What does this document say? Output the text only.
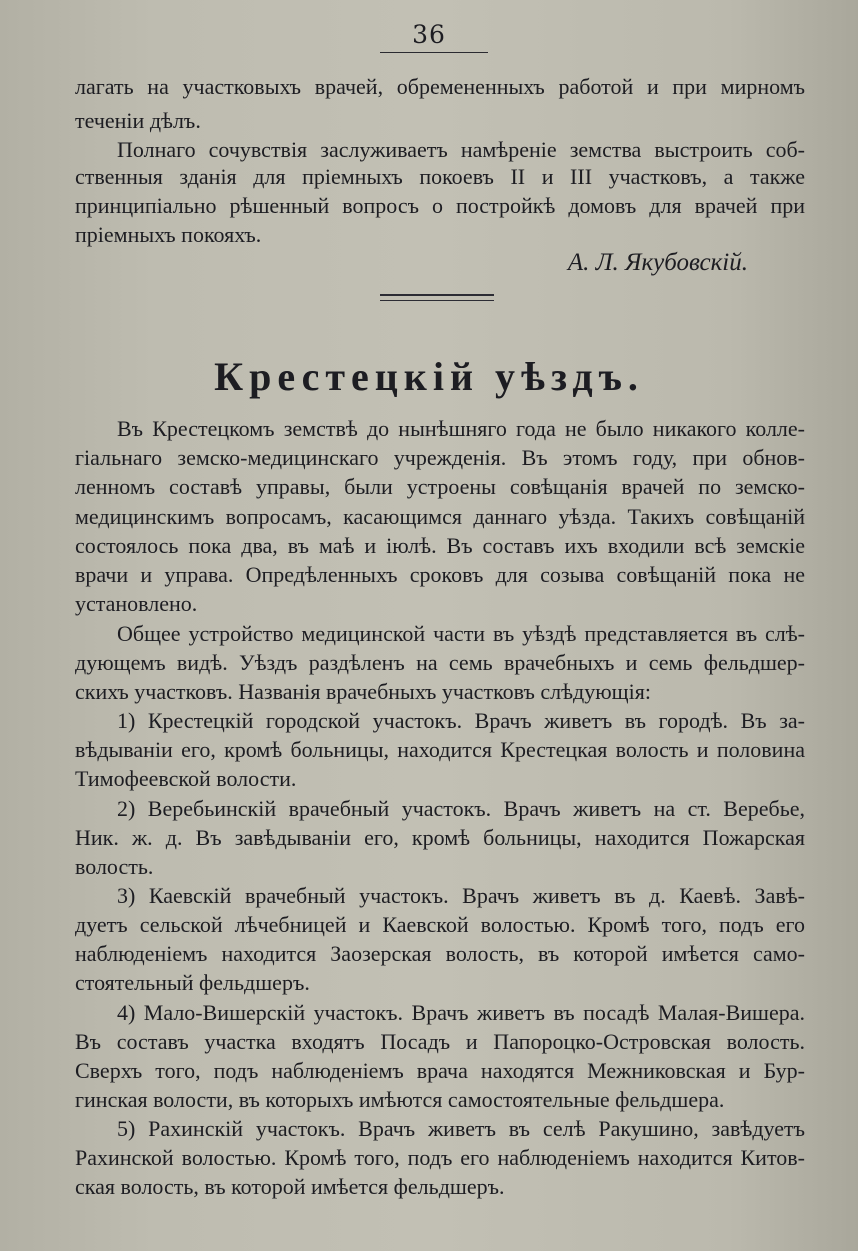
36
лагать на участковыхъ врачей, обремененныхъ работой и при мирномъ
теченіи дѣлъ.
Полнаго сочувствія заслуживаетъ намѣреніе земства выстроить соб-
ственныя зданія для пріемныхъ покоевъ II и III участковъ, а также
принципіально рѣшенный вопросъ о постройкѣ домовъ для врачей при
пріемныхъ покояхъ.
А. Л. Якубовскій.
Крестецкій уѣздъ.
Въ Крестецкомъ земствѣ до нынѣшняго года не было никакого колле-
гіальнаго земско-медицинскаго учрежденія. Въ этомъ году, при обнов-
ленномъ составѣ управы, были устроены совѣщанія врачей по земско-
медицинскимъ вопросамъ, касающимся даннаго уѣзда. Такихъ совѣщаній
состоялось пока два, въ маѣ и іюлѣ. Въ составъ ихъ входили всѣ земскіе
врачи и управа. Опредѣленныхъ сроковъ для созыва совѣщаній пока не
установлено.
Общее устройство медицинской части въ уѣздѣ представляется въ слѣ-
дующемъ видѣ. Уѣздъ раздѣленъ на семь врачебныхъ и семь фельдшер-
скихъ участковъ. Названія врачебныхъ участковъ слѣдующія:
1) Крестецкій городской участокъ. Врачъ живетъ въ городѣ. Въ за-
вѣдываніи его, кромѣ больницы, находится Крестецкая волость и половина
Тимофеевской волости.
2) Веребьинскій врачебный участокъ. Врачъ живетъ на ст. Веребье,
Ник. ж. д. Въ завѣдываніи его, кромѣ больницы, находится Пожарская
волость.
3) Каевскій врачебный участокъ. Врачъ живетъ въ д. Каевѣ. Завѣ-
дуетъ сельской лѣчебницей и Каевской волостью. Кромѣ того, подъ его
наблюденіемъ находится Заозерская волость, въ которой имѣется само-
стоятельный фельдшеръ.
4) Мало-Вишерскій участокъ. Врачъ живетъ въ посадѣ Малая-Вишера.
Въ составъ участка входятъ Посадъ и Папороцко-Островская волость.
Сверхъ того, подъ наблюденіемъ врача находятся Межниковская и Бур-
гинская волости, въ которыхъ имѣются самостоятельные фельдшера.
5) Рахинскій участокъ. Врачъ живетъ въ селѣ Ракушино, завѣдуетъ
Рахинской волостью. Кромѣ того, подъ его наблюденіемъ находится Китов-
ская волость, въ которой имѣется фельдшеръ.
